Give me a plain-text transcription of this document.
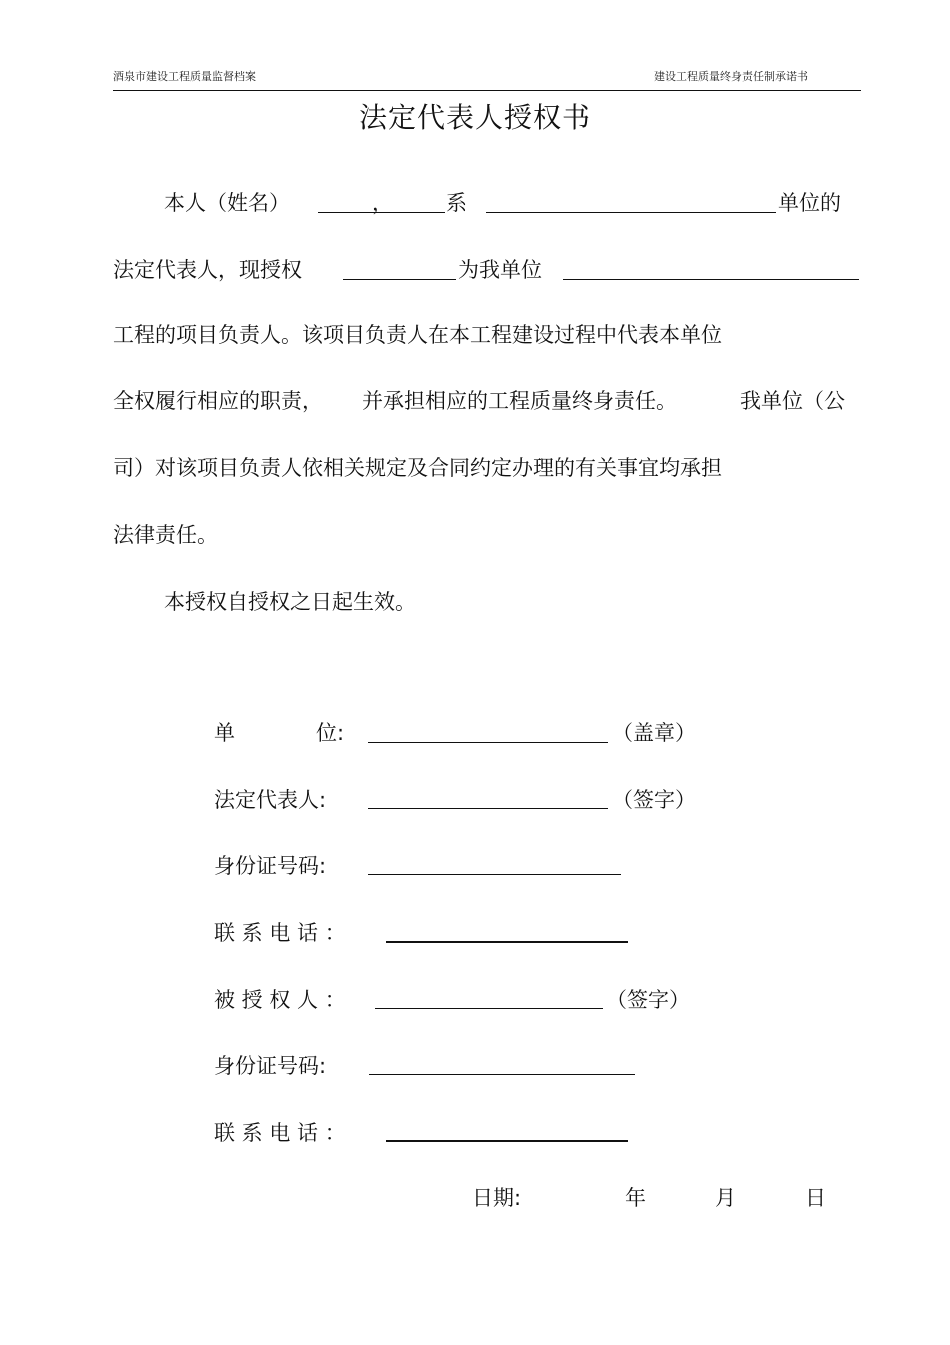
酒泉市建设工程质量监督档案	建设工程质量终身责任制承诺书
法定代表人授权书
本人（姓名）	，	系	单位的
法定代表人，现授权	为我单位
工程的项目负责人。该项目负责人在本工程建设过程中代表本单位
全权履行相应的职责， 并承担相应的工程质量终身责任。	我单位（公
司）对该项目负责人依相关规定及合同约定办理的有关事宜均承担
法律责任。
本授权自授权之日起生效。
单	位:	（盖章）
法定代表人:	（签字）
身份证号码:
联 系 电 话 ：
被 授 权 人 ：	（签字）
身份证号码:
联 系 电 话 ：
日期:	年	月	日
